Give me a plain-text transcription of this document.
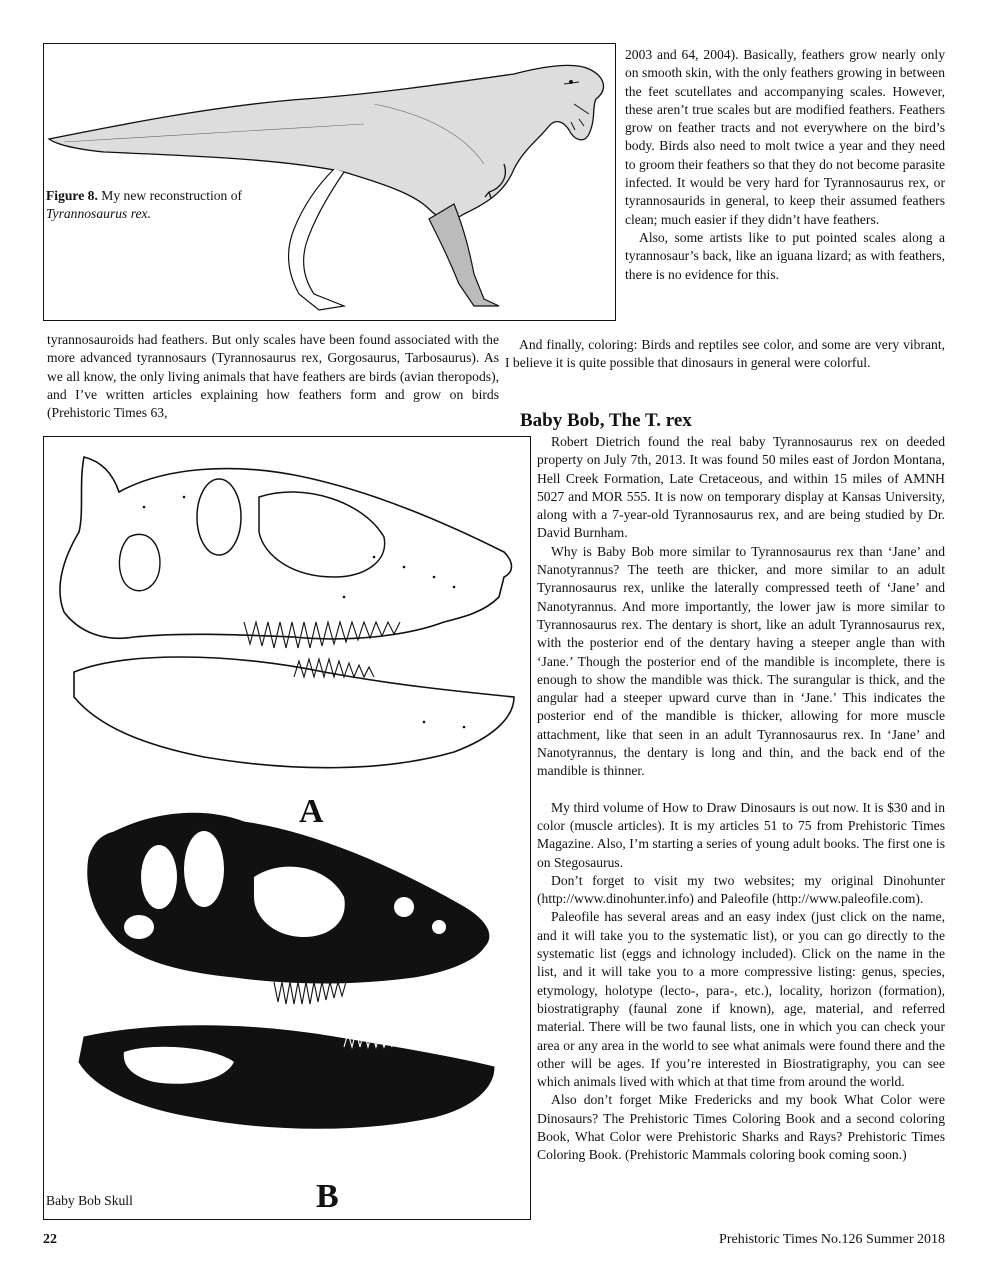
Figure 8. My new reconstruction of
Tyrannosaurus rex.

2003 and 64, 2004). Basically, feathers grow nearly only on smooth skin, with the only feathers growing in between the feet scutellates and accompanying scales. However, these aren’t true scales but are modified feathers. Feathers grow on feather tracts and not everywhere on the bird’s body. Birds also need to molt twice a year and they need to groom their feathers so that they do not become parasite infected. It would be very hard for Tyrannosaurus rex, or tyrannosaurids in general, to keep their assumed feathers clean; much easier if they didn’t have feathers.

Also, some artists like to put pointed scales along a tyrannosaur’s back, like an iguana lizard; as with feathers, there is no evidence for this.

tyrannosauroids had feathers. But only scales have been found associated with the more advanced tyrannosaurs (Tyrannosaurus rex, Gorgosaurus, Tarbosaurus). As we all know, the only living animals that have feathers are birds (avian theropods), and I’ve written articles explaining how feathers form and grow on birds (Prehistoric Times 63,

And finally, coloring: Birds and reptiles see color, and some are very vibrant, I believe it is quite possible that dinosaurs in general were colorful.

A
B
Baby Bob Skull
Baby Bob, The T. rex

Robert Dietrich found the real baby Tyrannosaurus rex on deeded property on July 7th, 2013. It was found 50 miles east of Jordon Montana, Hell Creek Formation, Late Cretaceous, and within 15 miles of AMNH 5027 and MOR 555. It is now on temporary display at Kansas University, along with a 7-year-old Tyrannosaurus rex, and are being studied by Dr. David Burnham.

Why is Baby Bob more similar to Tyrannosaurus rex than ‘Jane’ and Nanotyrannus? The teeth are thicker, and more similar to an adult Tyrannosaurus rex, unlike the laterally compressed teeth of ‘Jane’ and Nanotyrannus. And more importantly, the lower jaw is more similar to Tyrannosaurus rex. The dentary is short, like an adult Tyrannosaurus rex, with the posterior end of the dentary having a steeper angle than with ‘Jane.’ Though the posterior end of the mandible is incomplete, there is enough to show the mandible was thick. The surangular is thick, and the angular had a steeper upward curve than in ‘Jane.’ This indicates the posterior end of the mandible is thicker, allowing for more muscle attachment, like that seen in an adult Tyrannosaurus rex. In ‘Jane’ and Nanotyrannus, the dentary is long and thin, and the back end of the mandible is thinner.

My third volume of How to Draw Dinosaurs is out now. It is $30 and in color (muscle articles). It is my articles 51 to 75 from Prehistoric Times Magazine. Also, I’m starting a series of young adult books. The first one is on Stegosaurus.

Don’t forget to visit my two websites; my original Dinohunter (http://www.dinohunter.info) and Paleofile (http://www.paleofile.com).

Paleofile has several areas and an easy index (just click on the name, and it will take you to the systematic list), or you can go directly to the systematic list (eggs and ichnology included). Click on the name in the list, and it will take you to a more compressive listing: genus, species, etymology, holotype (lecto-, para-, etc.), locality, horizon (formation), biostratigraphy (faunal zone if known), age, material, and referred material. There will be two faunal lists, one in which you can check your area or any area in the world to see what animals were found there and the other will be ages. If you’re interested in Biostratigraphy, you can see which animals lived with which at that time from around the world.

Also don’t forget Mike Fredericks and my book What Color were Dinosaurs? The Prehistoric Times Coloring Book and a second coloring Book, What Color were Prehistoric Sharks and Rays? Prehistoric Times Coloring Book. (Prehistoric Mammals coloring book coming soon.)

22	Prehistoric Times No.126 Summer 2018
